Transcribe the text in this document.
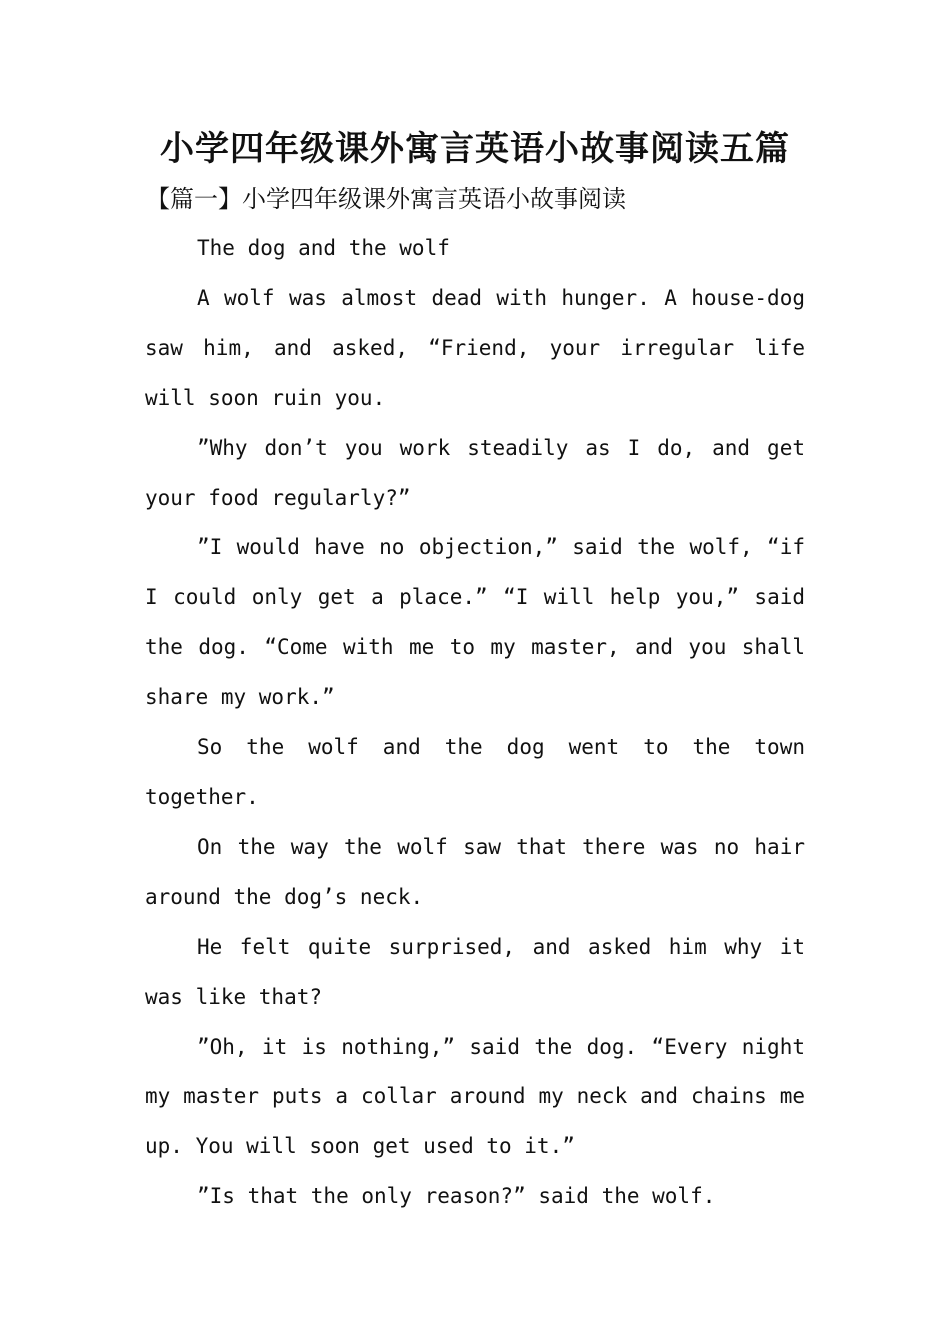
小学四年级课外寓言英语小故事阅读五篇
【篇一】小学四年级课外寓言英语小故事阅读

The dog and the wolf

A wolf was almost dead with hunger. A house-dog saw him, and asked, “Friend, your irregular life will soon ruin you.

”Why don’t you work steadily as I do, and get your food regularly?”

”I would have no objection,” said the wolf, “if I could only get a place.” “I will help you,” said the dog. “Come with me to my master, and you shall share my work.”

So the wolf and the dog went to the town together.

On the way the wolf saw that there was no hair around the dog’s neck.

He felt quite surprised, and asked him why it was like that?

”Oh, it is nothing,” said the dog. “Every night my master puts a collar around my neck and chains me up. You will soon get used to it.”

”Is that the only reason?” said the wolf.
